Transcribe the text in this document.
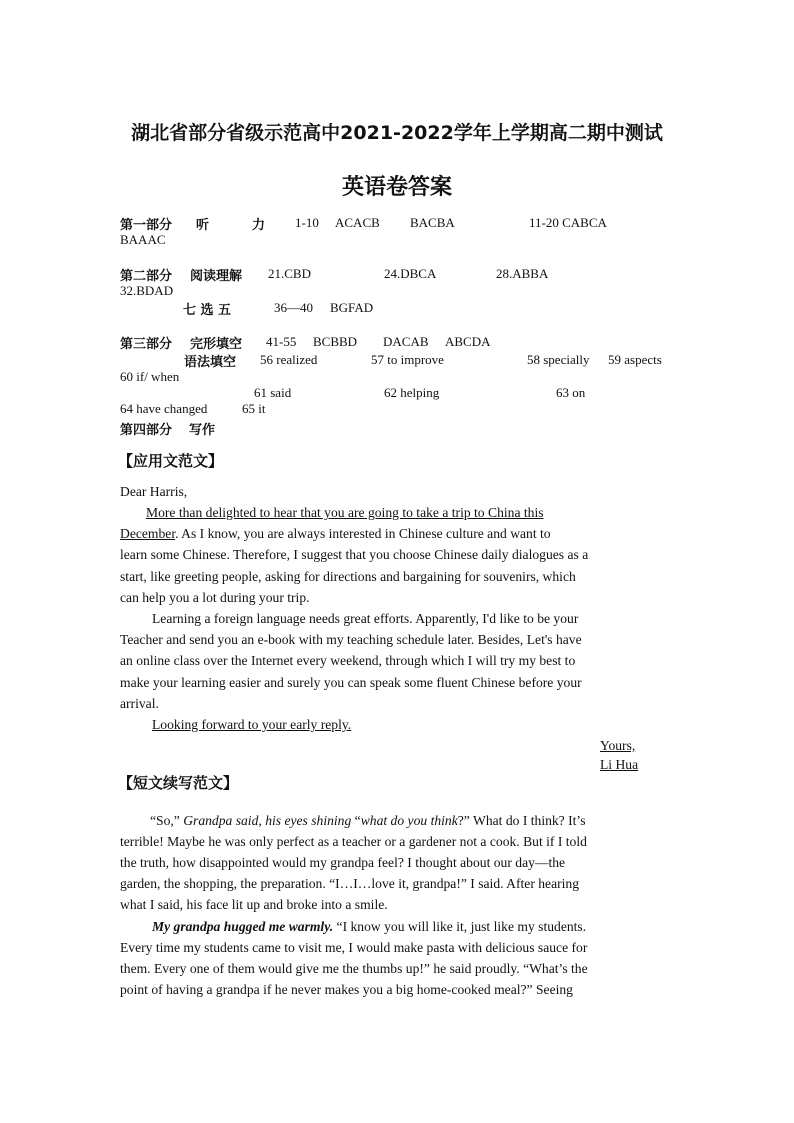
湖北省部分省级示范高中2021-2022学年上学期高二期中测试
英语卷答案
第一部分 听	力 1-10 ACACB BACBA	11-20 CABCA
BAAAC
第二部分 阅读理解 21.CBD	24.DBCA	28.ABBA
32.BDAD
七 选 五	36—40 BGFAD
第三部分 完形填空 41-55 BCBBD DACAB ABCDA
语法填空 56 realized	57 to improve	58 specially 59 aspects
60 if/ when
61 said	62 helping	63 on
64 have changed	65 it
第四部分 写作
【应用文范文】
Dear Harris,
More than delighted to hear that you are going to take a trip to China this
December. As I know, you are always interested in Chinese culture and want to
learn some Chinese. Therefore, I suggest that you choose Chinese daily dialogues as a
start, like greeting people, asking for directions and bargaining for souvenirs, which
can help you a lot during your trip.
Learning a foreign language needs great efforts. Apparently, I'd like to be your
Teacher and send you an e-book with my teaching schedule later. Besides, Let's have
an online class over the Internet every weekend, through which I will try my best to
make your learning easier and surely you can speak some fluent Chinese before your
arrival.
Looking forward to your early reply.
Yours,
Li Hua
【短文续写范文】
“So,” Grandpa said, his eyes shining “what do you think?” What do I think? It’s
terrible! Maybe he was only perfect as a teacher or a gardener not a cook. But if I told
the truth, how disappointed would my grandpa feel? I thought about our day—the
garden, the shopping, the preparation. “I…I…love it, grandpa!” I said. After hearing
what I said, his face lit up and broke into a smile.
My grandpa hugged me warmly. “I know you will like it, just like my students.
Every time my students came to visit me, I would make pasta with delicious sauce for
them. Every one of them would give me the thumbs up!” he said proudly. “What’s the
point of having a grandpa if he never makes you a big home-cooked meal?” Seeing
